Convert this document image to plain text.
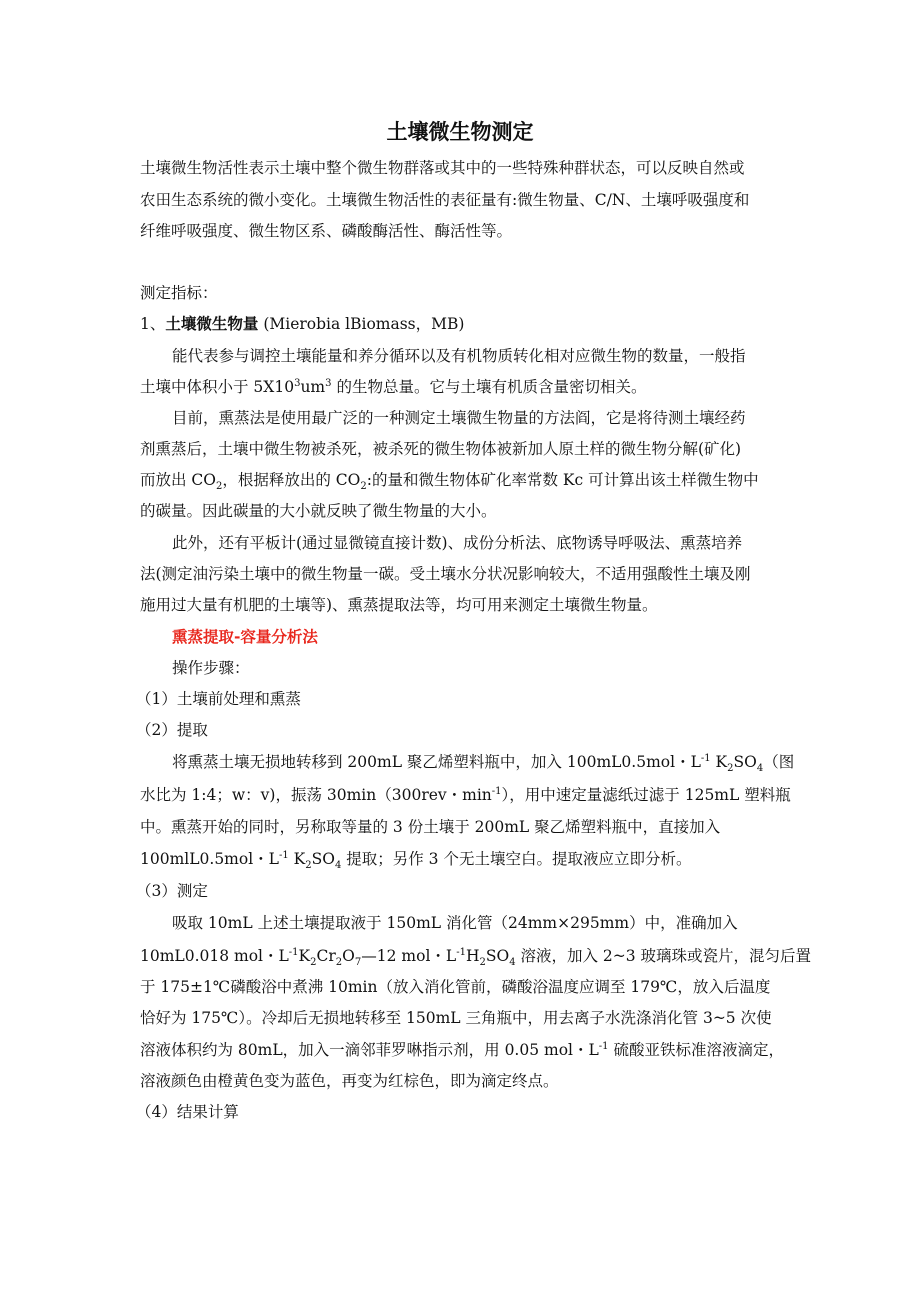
土壤微生物测定
土壤微生物活性表示土壤中整个微生物群落或其中的一些特殊种群状态，可以反映自然或
农田生态系统的微小变化。土壤微生物活性的表征量有:微生物量、C/N、土壤呼吸强度和
纤维呼吸强度、微生物区系、磷酸酶活性、酶活性等。
测定指标：
1、土壤微生物量 (Mierobia lBiomass，MB)
能代表参与调控土壤能量和养分循环以及有机物质转化相对应微生物的数量，一般指
土壤中体积小于 $5X10^3um^3$ 的生物总量。它与土壤有机质含量密切相关。
目前，熏蒸法是使用最广泛的一种测定土壤微生物量的方法阎，它是将待测土壤经药
剂熏蒸后，土壤中微生物被杀死，被杀死的微生物体被新加人原土样的微生物分解(矿化)
而放出 $CO_2$，根据释放出的 $CO_2$:的量和微生物体矿化率常数 Kc 可计算出该土样微生物中
的碳量。因此碳量的大小就反映了微生物量的大小。
此外，还有平板计(通过显微镜直接计数)、成份分析法、底物诱导呼吸法、熏蒸培养
法(测定油污染土壤中的微生物量一碳。受土壤水分状况影响较大，不适用强酸性土壤及刚
施用过大量有机肥的土壤等)、熏蒸提取法等，均可用来测定土壤微生物量。
熏蒸提取-容量分析法
操作步骤：
（1）土壤前处理和熏蒸
（2）提取
将熏蒸土壤无损地转移到 200mL 聚乙烯塑料瓶中，加入 100mL0.5mol・$L^{-1}$ $K_2SO_4$（图
水比为 1:4；w：v)，振荡 30min（300rev・$\min^{-1}$），用中速定量滤纸过滤于 125mL 塑料瓶
中。熏蒸开始的同时，另称取等量的 3 份土壤于 200mL 聚乙烯塑料瓶中，直接加入
100mlL0.5mol・$L^{-1}$ $K_2SO_4$ 提取；另作 3 个无土壤空白。提取液应立即分析。
（3）测定
吸取 10mL 上述土壤提取液于 150mL 消化管（24mm×295mm）中，准确加入
10mL0.018 mol・$L^{-1}K_2Cr_2O_7—12$ mol・$L^{-1}H_2SO_4$ 溶液，加入 2~3 玻璃珠或瓷片，混匀后置
于 175±1℃磷酸浴中煮沸 10min（放入消化管前，磷酸浴温度应调至 179℃，放入后温度
恰好为 175℃）。冷却后无损地转移至 150mL 三角瓶中，用去离子水洗涤消化管 3~5 次使
溶液体积约为 80mL，加入一滴邻菲罗啉指示剂，用 0.05 mol・$L^{-1}$ 硫酸亚铁标准溶液滴定，
溶液颜色由橙黄色变为蓝色，再变为红棕色，即为滴定终点。
（4）结果计算
